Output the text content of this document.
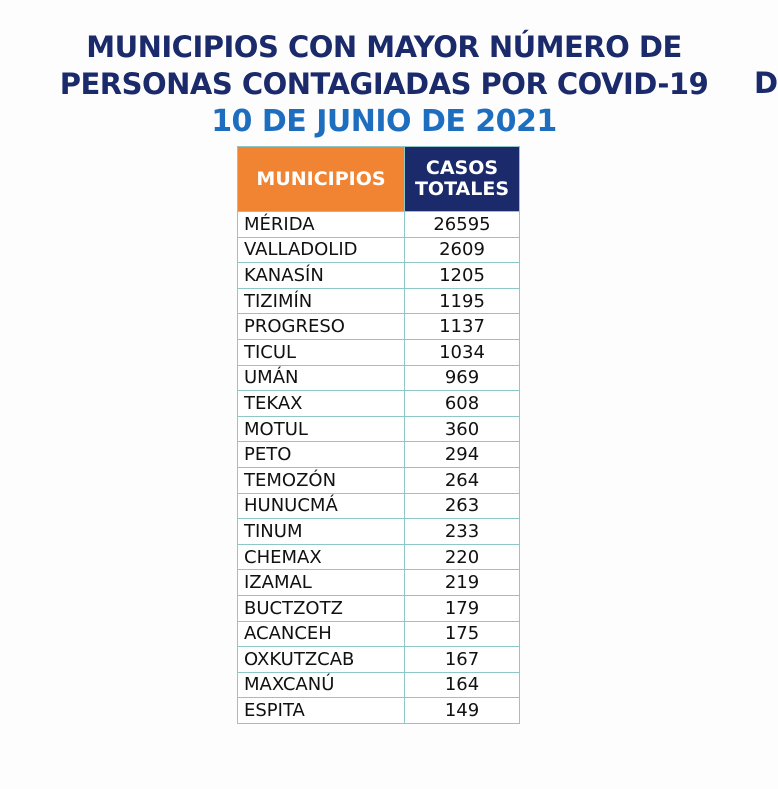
MUNICIPIOS CON MAYOR NÚMERO DE
PERSONAS CONTAGIADAS POR COVID-19
10 DE JUNIO DE 2021
D
MUNICIPIOS	CASOS
TOTALES
MÉRIDA	26595
VALLADOLID	2609
KANASÍN	1205
TIZIMÍN	1195
PROGRESO	1137
TICUL	1034
UMÁN	969
TEKAX	608
MOTUL	360
PETO	294
TEMOZÓN	264
HUNUCMÁ	263
TINUM	233
CHEMAX	220
IZAMAL	219
BUCTZOTZ	179
ACANCEH	175
OXKUTZCAB	167
MAXCANÚ	164
ESPITA	149
